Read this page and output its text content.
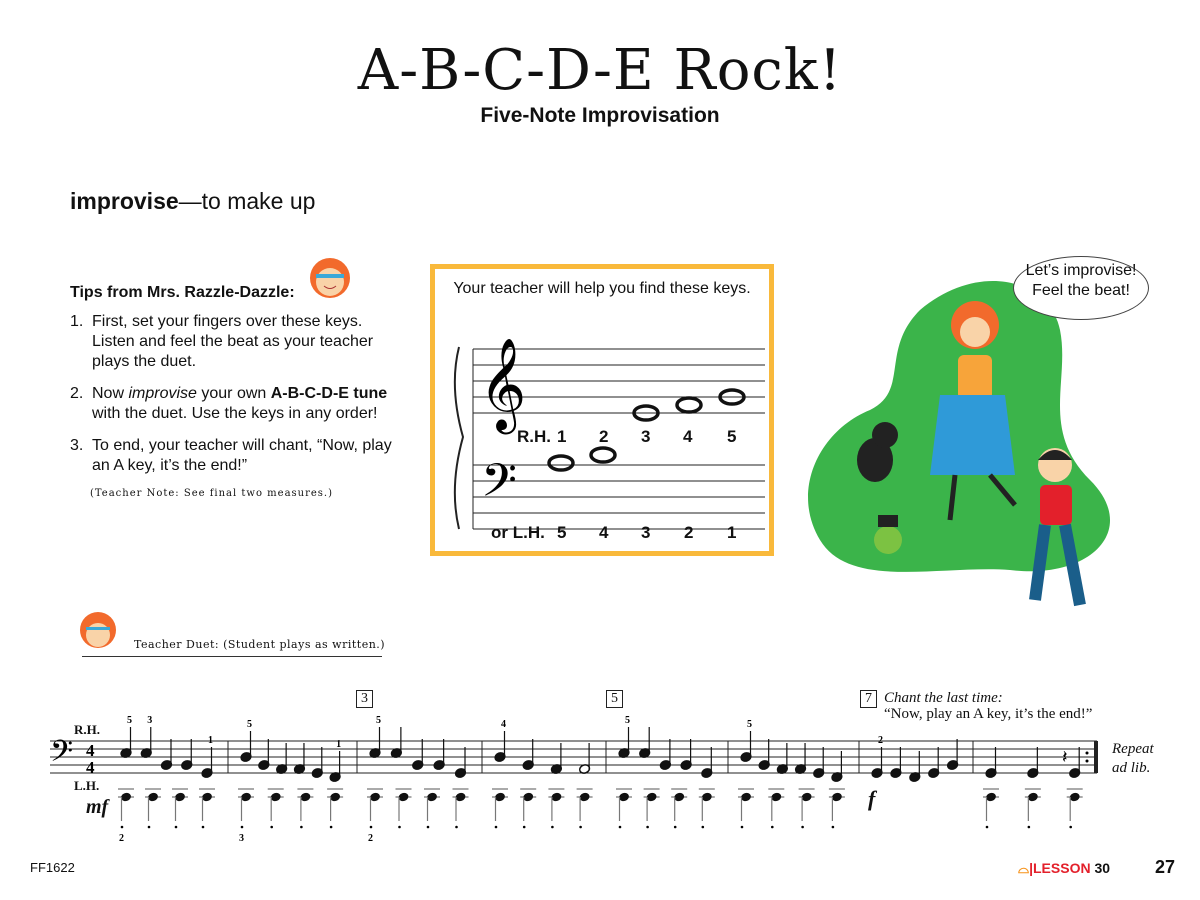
A-B-C-D-E Rock!
Five-Note Improvisation
improvise—to make up
Tips from Mrs. Razzle-Dazzle:
1. First, set your fingers over these keys. Listen and feel the beat as your teacher plays the duet.
2. Now improvise your own A-B-C-D-E tune with the duet. Use the keys in any order!
3. To end, your teacher will chant, “Now, play an A key, it’s the end!”
(Teacher Note: See final two measures.)
Your teacher will help you find these keys.
𝄞
𝄢
R.H. 1 2 3 4 5
or L.H. 5 4 3 2 1
Let’s improvise! Feel the beat!
Teacher Duet: (Student plays as written.)
R.H.
L.H.
mf	f
3	5	7 Chant the last time:
“Now, play an A key, it’s the end!”
Repeat
ad lib.
𝄢 4
4
5 3
1
2
5
1
3
5
2
4	5	5
2
𝄽
FF1622	⌓|LESSON 30 27
